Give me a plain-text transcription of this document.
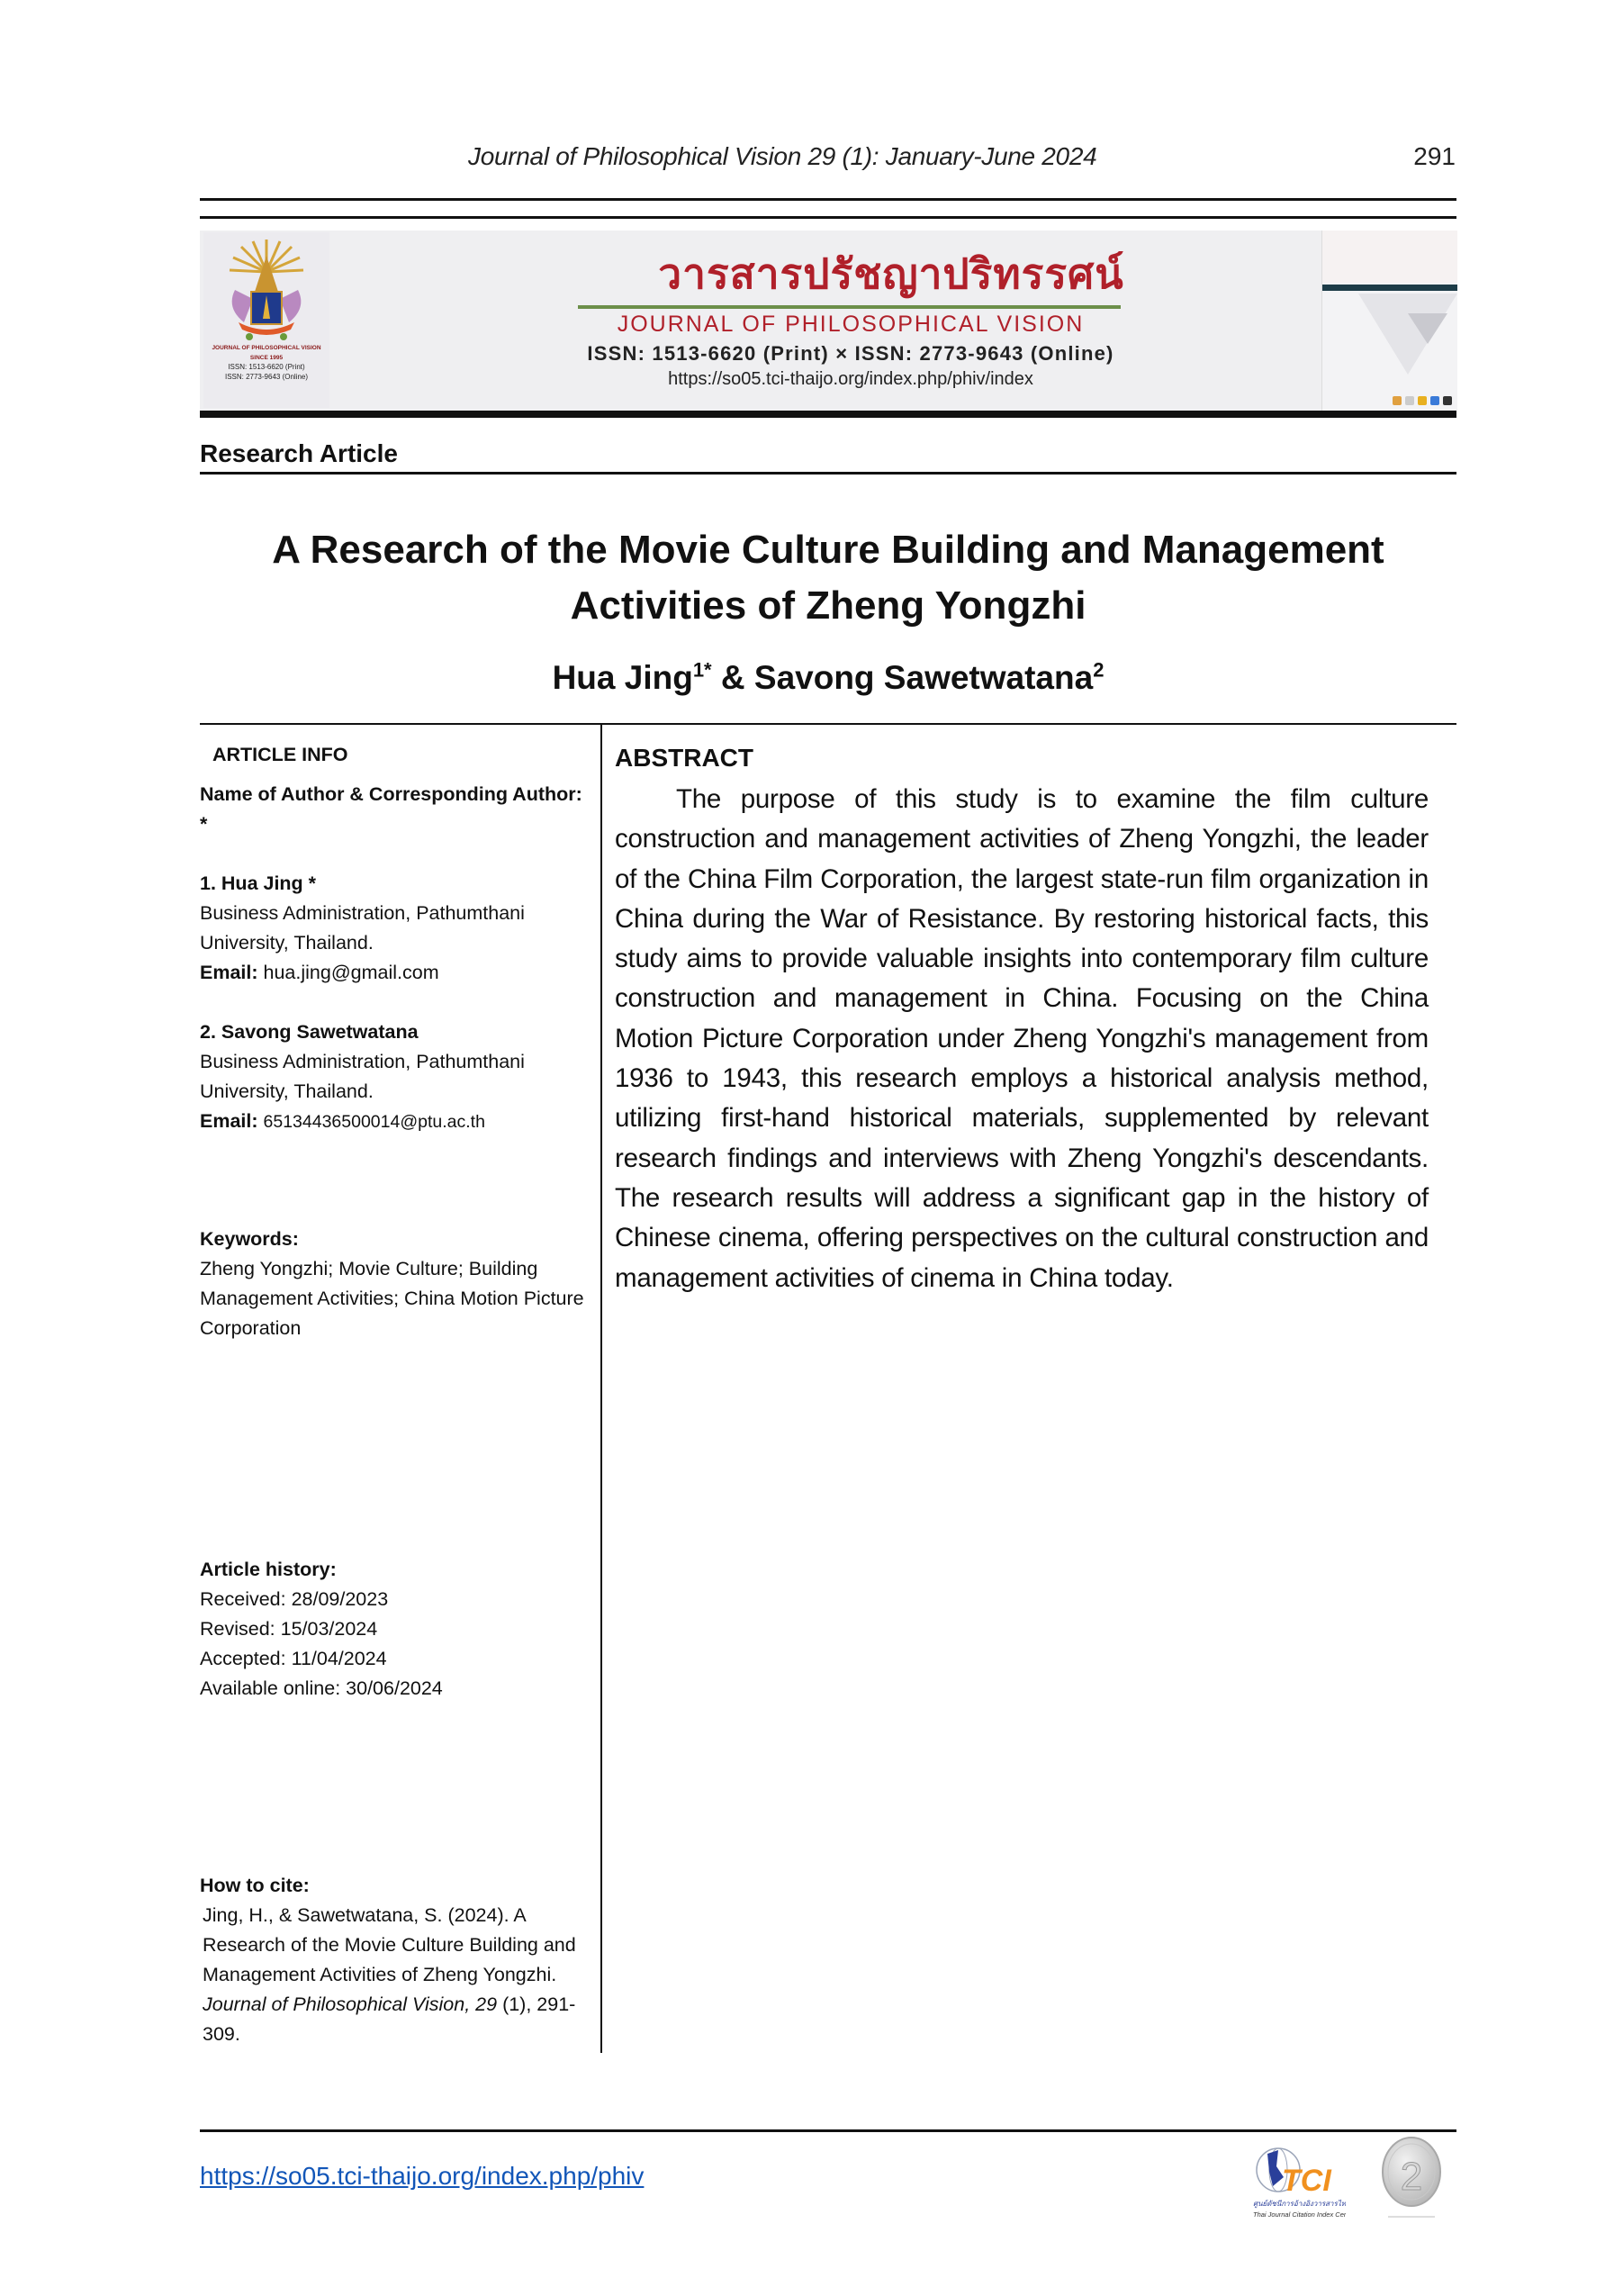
Journal of Philosophical Vision 29 (1): January-June 2024	291
JOURNAL OF PHILOSOPHICAL VISION
SINCE 1995
ISSN: 1513-6620 (Print)
ISSN: 2773-9643 (Online)
วารสารปรัชญาปริทรรศน์
JOURNAL OF PHILOSOPHICAL VISION
ISSN: 1513-6620 (Print) × ISSN: 2773-9643 (Online)
https://so05.tci-thaijo.org/index.php/phiv/index
Research Article
A Research of the Movie Culture Building and Management
Activities of Zheng Yongzhi
Hua Jing$^{1*}$ & Savong Sawetwatana$^2$
ARTICLE INFO
Name of Author & Corresponding Author: *
1. Hua Jing *
Business Administration, Pathumthani University, Thailand.
Email: hua.jing@gmail.com
2. Savong Sawetwatana
Business Administration, Pathumthani University, Thailand.
Email: 65134436500014@ptu.ac.th
Keywords:
Zheng Yongzhi; Movie Culture; Building Management Activities; China Motion Picture Corporation
Article history:
Received: 28/09/2023
Revised: 15/03/2024
Accepted: 11/04/2024
Available online: 30/06/2024
How to cite:
Jing, H., & Sawetwatana, S. (2024). A Research of the Movie Culture Building and Management Activities of Zheng Yongzhi. Journal of Philosophical Vision, 29 (1), 291-309.
ABSTRACT
The purpose of this study is to examine the film culture construction and management activities of Zheng Yongzhi, the leader of the China Film Corporation, the largest state-run film organization in China during the War of Resistance. By restoring historical facts, this study aims to provide valuable insights into contemporary film culture construction and management in China. Focusing on the China Motion Picture Corporation under Zheng Yongzhi's management from 1936 to 1943, this research employs a historical analysis method, utilizing first-hand historical materials, supplemented by relevant research findings and interviews with Zheng Yongzhi's descendants. The research results will address a significant gap in the history of Chinese cinema, offering perspectives on the cultural construction and management activities of cinema in China today.
https://so05.tci-thaijo.org/index.php/phiv	TCI
ศูนย์ดัชนีการอ้างอิงวารสารไทย
Thai Journal Citation Index Centre
2
